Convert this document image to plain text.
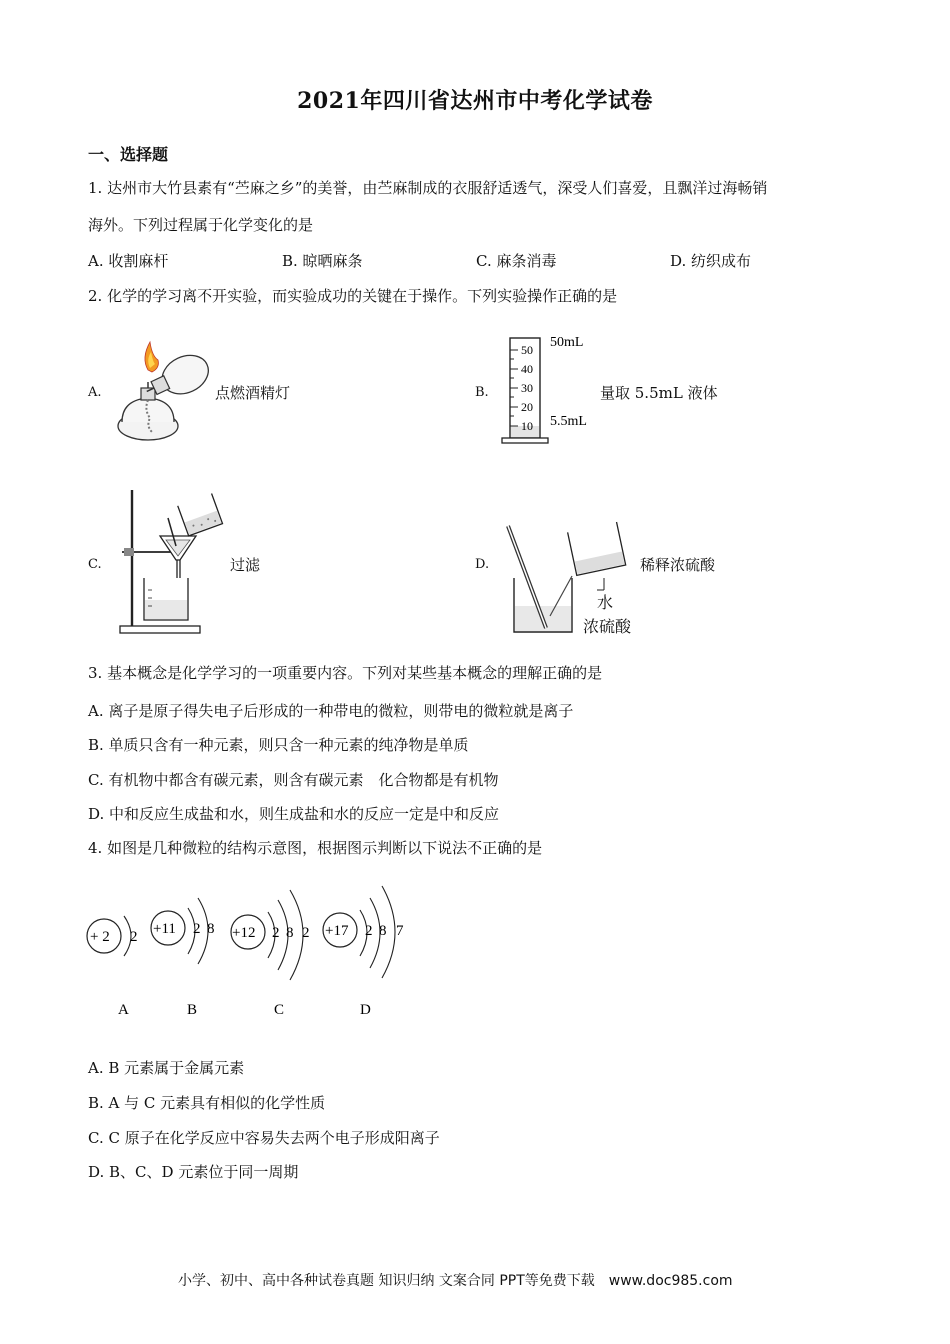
2021年四川省达州市中考化学试卷
一、选择题
1. 达州市大竹县素有“苎麻之乡”的美誉，由苎麻制成的衣服舒适透气，深受人们喜爱，且飘洋过海畅销
海外。下列过程属于化学变化的是
A. 收割麻杆	B. 晾晒麻条	C. 麻条消毒	D. 纺织成布
2. 化学的学习离不开实验，而实验成功的关键在于操作。下列实验操作正确的是
A.	点燃酒精灯	B.
50
40
30
20
10
50mL
5.5mL
量取 5.5mL 液体
C.	过滤	D.
水
浓硫酸
稀释浓硫酸
3. 基本概念是化学学习的一项重要内容。下列对某些基本概念的理解正确的是
A. 离子是原子得失电子后形成的一种带电的微粒，则带电的微粒就是离子
B. 单质只含有一种元素，则只含一种元素的纯净物是单质
C. 有机物中都含有碳元素，则含有碳元素　化合物都是有机物
D. 中和反应生成盐和水，则生成盐和水的反应一定是中和反应
4. 如图是几种微粒的结构示意图，根据图示判断以下说法不正确的是
+ 2 2
A
+11 2 8
B
+12 2 8 2
C
+17 2 8 7
D
A. B 元素属于金属元素
B. A 与 C 元素具有相似的化学性质
C. C 原子在化学反应中容易失去两个电子形成阳离子
D. B、C、D 元素位于同一周期
小学、初中、高中各种试卷真题 知识归纳 文案合同 PPT等免费下载　www.doc985.com
